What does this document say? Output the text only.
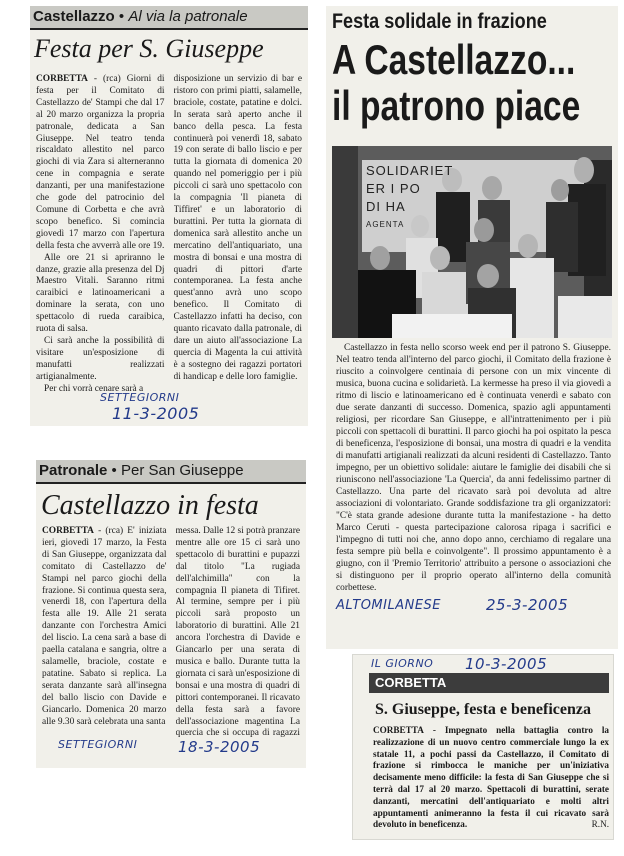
Castellazzo • Al via la patronale
Festa per S. Giuseppe

CORBETTA - (rca) Giorni di festa per il Comitato di Castellazzo de' Stampi che dal 17 al 20 marzo organizza la propria patronale, dedicata a San Giuseppe. Nel teatro tenda riscaldato allestito nel parco giochi di via Zara si alterneranno cene in compagnia e serate danzanti, per una manifestazione che gode del patrocinio del Comune di Corbetta e che avrà scopo benefico. Si comincia giovedì 17 marzo con l'apertura della festa che avverrà alle ore 19.

Alle ore 21 si apriranno le danze, grazie alla presenza del Dj Maestro Vitali. Saranno ritmi caraibici e latinoamericani a dominare la serata, con uno spettacolo di rueda caraibica, ruota di salsa.

Ci sarà anche la possibilità di visitare un'esposizione di manufatti realizzati artigianalmente.

Per chi vorrà cenare sarà a

disposizione un servizio di bar e ristoro con primi piatti, salamelle, braciole, costate, patatine e dolci. In serata sarà aperto anche il banco della pesca. La festa continuerà poi venerdì 18, sabato 19 con serate di ballo liscio e per tutta la giornata di domenica 20 quando nel pomeriggio per i più piccoli ci sarà uno spettacolo con la compagnia 'Il pianeta di Tiffiret' e un laboratorio di burattini. Per tutta la giornata di domenica sarà allestito anche un mercatino dell'antiquariato, una mostra di bonsai e una mostra di quadri di pittori d'arte contemporanea. La festa anche quest'anno avrà uno scopo benefico. Il Comitato di Castellazzo infatti ha deciso, con quanto ricavato dalla patronale, di dare un aiuto all'associazione La quercia di Magenta la cui attività è a sostegno dei ragazzi portatori di handicap e delle loro famiglie.

SETTEGIORNI
11-3-2005
Patronale • Per San Giuseppe
Castellazzo in festa

CORBETTA - (rca) E' iniziata ieri, giovedì 17 marzo, la Festa di San Giuseppe, organizzata dal comitato di Castellazzo de' Stampi nel parco giochi della frazione. Si continua questa sera, venerdì 18, con l'apertura della festa alle 19. Alle 21 serata danzante con l'orchestra Amici del liscio. La cena sarà a base di paella catalana e sangria, oltre a salamelle, braciole, costate e patatine. Sabato si replica. La serata danzante sarà all'insegna del ballo liscio con Davide e Giancarlo. Domenica 20 marzo alle 9.30 sarà celebrata una santa

messa. Dalle 12 si potrà pranzare mentre alle ore 15 ci sarà uno spettacolo di burattini e pupazzi dal titolo "La rugiada dell'alchimilla" con la compagnia Il pianeta di Tifiret. Al termine, sempre per i più piccoli sarà proposto un laboratorio di burattini. Alle 21 ancora l'orchestra di Davide e Giancarlo per una serata di musica e ballo. Durante tutta la giornata ci sarà un'esposizione di bonsai e una mostra di quadri di pittori contemporanei. Il ricavato della festa sarà a favore dell'associazione magentina La quercia che si occupa di ragazzi

SETTEGIORNI	18-3-2005
Festa solidale in frazione
A Castellazzo...
il patrono piace
SOLIDARIET
ER I PO
DI HA
AGENTA
Castellazzo in festa nello scorso week end per il patrono S. Giuseppe. Nel teatro tenda all'interno del parco giochi, il Comitato della frazione è riuscito a coinvolgere centinaia di persone con un mix vincente di musica, buona cucina e solidarietà. La kermesse ha preso il via giovedì a ritmo di liscio e latinoamericano ed è continuata venerdì e sabato con due serate danzanti di successo. Domenica, spazio agli appuntamenti religiosi, per ricordare San Giuseppe, e all'intrattenimento per i più piccoli con spettacoli di burattini. Il parco giochi ha poi ospitato la pesca di beneficenza, l'esposizione di bonsai, una mostra di quadri e la vendita di manufatti artigianali realizzati da alcuni residenti di Castellazzo. Tanto impegno, per un obiettivo solidale: aiutare le famiglie dei disabili che si riuniscono nell'associazione 'La Quercia', da anni fedelissimo partner di Castellazzo. Una parte del ricavato sarà poi devoluta ad altre associazioni di volontariato. Grande soddisfazione tra gli organizzatori: "C'è stata grande adesione durante tutta la manifestazione - ha detto Marco Ceruti - questa partecipazione calorosa ripaga i sacrifici e l'impegno di tutti noi che, anno dopo anno, cerchiamo di regalare una festa sempre più bella e coinvolgente". Il prossimo appuntamento è a giugno, con il 'Premio Territorio' attribuito a persone o associazioni che si distinguono per il proprio operato all'interno della comunità corbettese.
ALTOMILANESE	25-3-2005
IL GIORNO 10-3-2005
CORBETTA
S. Giuseppe, festa e beneficenza
CORBETTA - Impegnato nella battaglia contro la realizzazione di un nuovo centro commerciale lungo la ex statale 11, a pochi passi da Castellazzo, il Comitato di frazione si rimbocca le maniche per un'iniziativa decisamente meno difficile: la festa di San Giuseppe che si terrà dal 17 al 20 marzo. Spettacoli di burattini, serate danzanti, mercatini dell'antiquariato e molti altri appuntamenti animeranno la festa il cui ricavato sarà devoluto in beneficenza.	R.N.
